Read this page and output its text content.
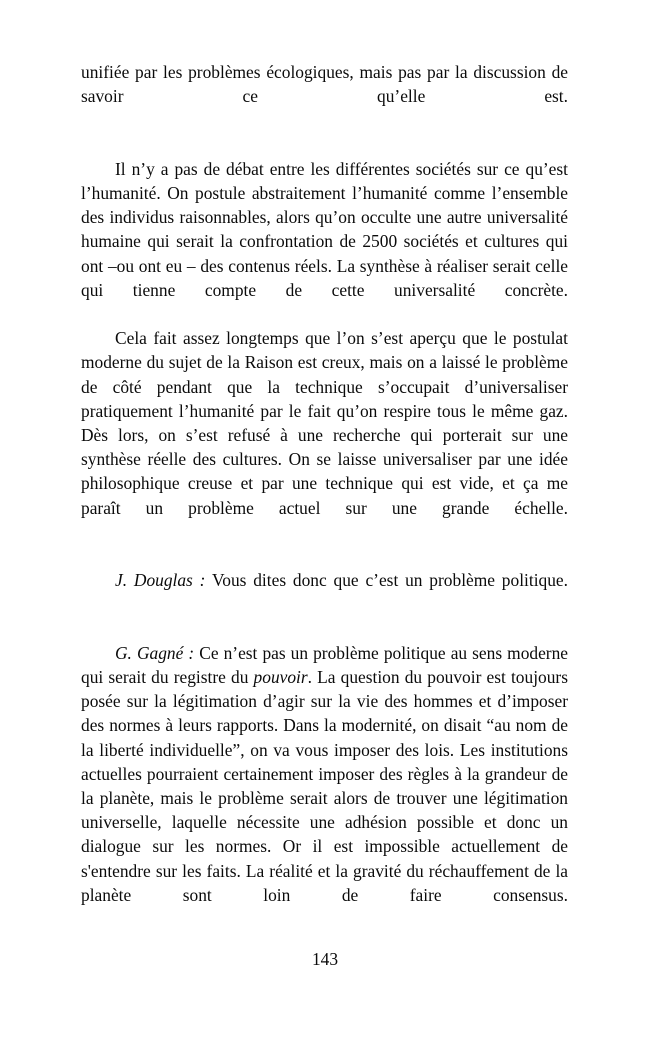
unifiée par les problèmes écologiques, mais pas par la discussion de savoir ce qu’elle est.

Il n’y a pas de débat entre les différentes sociétés sur ce qu’est l’humanité. On postule abstraitement l’humanité comme l’ensemble des individus raisonnables, alors qu’on occulte une autre universalité humaine qui serait la confrontation de 2500 sociétés et cultures qui ont –ou ont eu – des contenus réels. La synthèse à réaliser serait celle qui tienne compte de cette universalité concrète.

Cela fait assez longtemps que l’on s’est aperçu que le postulat moderne du sujet de la Raison est creux, mais on a laissé le problème de côté pendant que la technique s’occupait d’universaliser pratiquement l’humanité par le fait qu’on respire tous le même gaz. Dès lors, on s’est refusé à une recherche qui porterait sur une synthèse réelle des cultures. On se laisse universaliser par une idée philosophique creuse et par une technique qui est vide, et ça me paraît un problème actuel sur une grande échelle.

J. Douglas : Vous dites donc que c’est un problème politique.

G. Gagné : Ce n’est pas un problème politique au sens moderne qui serait du registre du pouvoir. La question du pouvoir est toujours posée sur la légitimation d’agir sur la vie des hommes et d’imposer des normes à leurs rapports. Dans la modernité, on disait “au nom de la liberté individuelle”, on va vous imposer des lois. Les institutions actuelles pourraient certainement imposer des règles à la grandeur de la planète, mais le problème serait alors de trouver une légitimation universelle, laquelle nécessite une adhésion possible et donc un dialogue sur les normes. Or il est impossible actuellement de s'entendre sur les faits. La réalité et la gravité du réchauffement de la planète sont loin de faire consensus.

143
